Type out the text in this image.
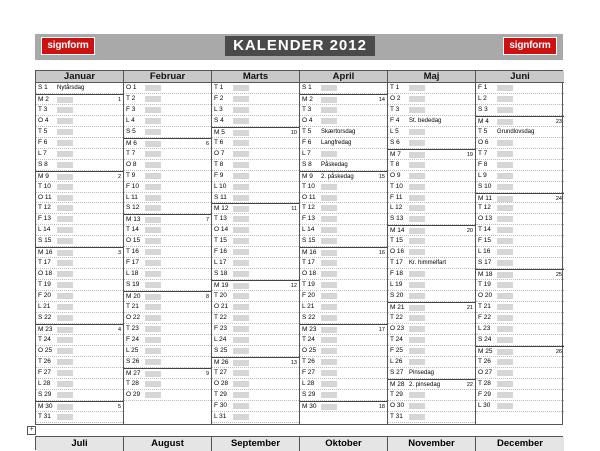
signform	KALENDER 2012	signform
Januar
S 1 Nytårsdag
M 2	1
T 3
O 4
T 5
F 6
L 7
S 8
M 9	2
T 10
O 11
T 12
F 13
L 14
S 15
M 16	3
T 17
O 18
T 19
F 20
L 21
S 22
M 23	4
T 24
O 25
T 26
F 27
L 28
S 29
M 30	5
T 31
Februar
O 1
T 2
F 3
L 4
S 5
M 6	6
T 7
O 8
T 9
F 10
L 11
S 12
M 13	7
T 14
O 15
T 16
F 17
L 18
S 19
M 20	8
T 21
O 22
T 23
F 24
L 25
S 26
M 27	9
T 28
O 29
Marts
T 1
F 2
L 3
S 4
M 5	10
T 6
O 7
T 8
F 9
L 10
S 11
M 12	11
T 13
O 14
T 15
F 16
L 17
S 18
M 19	12
T 20
O 21
T 22
F 23
L 24
S 25
M 26	13
T 27
O 28
T 29
F 30
L 31
April
S 1
M 2	14
T 3
O 4
T 5 Skærtorsdag
F 6 Langfredag
L 7
S 8 Påskedag
M 9 2. påskedag	15
T 10
O 11
T 12
F 13
L 14
S 15
M 16	16
T 17
O 18
T 19
F 20
L 21
S 22
M 23	17
T 24
O 25
T 26
F 27
L 28
S 29
M 30	18
Maj
T 1
O 2
T 3
F 4 St. bededag
L 5
S 6
M 7	19
T 8
O 9
T 10
F 11
L 12
S 13
M 14	20
T 15
O 16
T 17 Kr. himmelfart
F 18
L 19
S 20
M 21	21
T 22
O 23
T 24
F 25
L 26
S 27 Pinsedag
M 28 2. pinsedag	22
T 29
O 30
T 31
Juni
F 1
L 2
S 3
M 4	23
T 5 Grundlovsdag
O 6
T 7
F 8
L 9
S 10
M 11	24
T 12
O 13
T 14
F 15
L 16
S 17
M 18	25
T 19
O 20
T 21
F 22
L 23
S 24
M 25	26
T 26
O 27
T 28
F 29
L 30
+
Juli	August	September	Oktober	November	December
